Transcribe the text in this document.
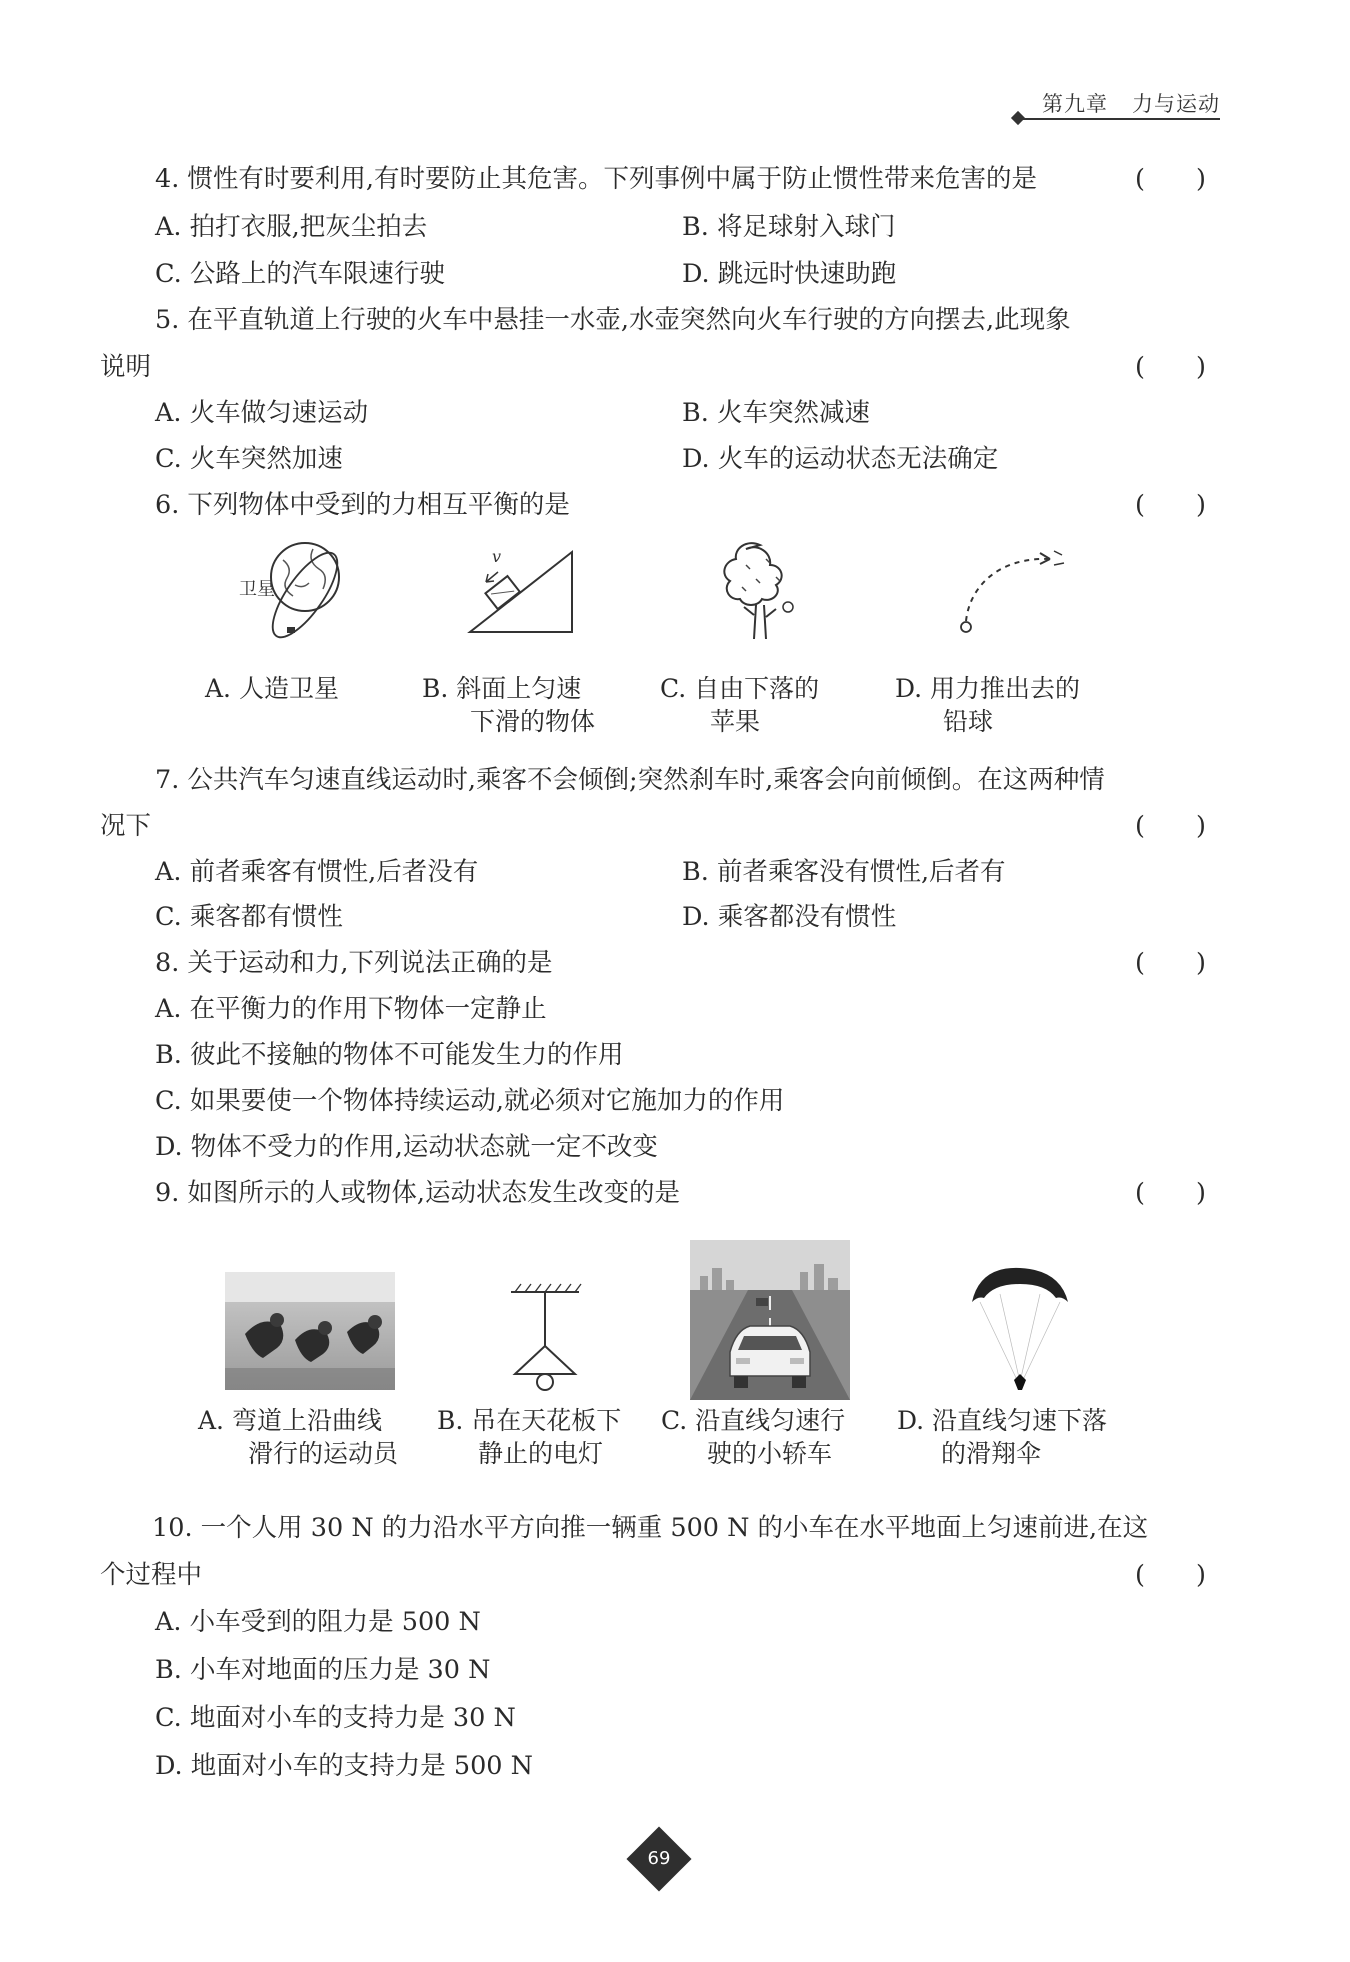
第九章 力与运动
4. 惯性有时要利用,有时要防止其危害。下列事例中属于防止惯性带来危害的是	(　　)
A. 拍打衣服,把灰尘拍去	B. 将足球射入球门
C. 公路上的汽车限速行驶	D. 跳远时快速助跑
5. 在平直轨道上行驶的火车中悬挂一水壶,水壶突然向火车行驶的方向摆去,此现象
说明	(　　)
A. 火车做匀速运动	B. 火车突然减速
C. 火车突然加速	D. 火车的运动状态无法确定
6. 下列物体中受到的力相互平衡的是	(　　)
卫星
v
A. 人造卫星	B. 斜面上匀速
下滑的物体
C. 自由下落的
苹果
D. 用力推出去的
铅球
7. 公共汽车匀速直线运动时,乘客不会倾倒;突然刹车时,乘客会向前倾倒。在这两种情
况下	(　　)
A. 前者乘客有惯性,后者没有	B. 前者乘客没有惯性,后者有
C. 乘客都有惯性	D. 乘客都没有惯性
8. 关于运动和力,下列说法正确的是	(　　)
A. 在平衡力的作用下物体一定静止
B. 彼此不接触的物体不可能发生力的作用
C. 如果要使一个物体持续运动,就必须对它施加力的作用
D. 物体不受力的作用,运动状态就一定不改变
9. 如图所示的人或物体,运动状态发生改变的是	(　　)
A. 弯道上沿曲线
滑行的运动员
B. 吊在天花板下
静止的电灯
C. 沿直线匀速行
驶的小轿车
D. 沿直线匀速下落
的滑翔伞
10. 一个人用 30 N 的力沿水平方向推一辆重 500 N 的小车在水平地面上匀速前进,在这
个过程中	(　　)
A. 小车受到的阻力是 500 N
B. 小车对地面的压力是 30 N
C. 地面对小车的支持力是 30 N
D. 地面对小车的支持力是 500 N
69
